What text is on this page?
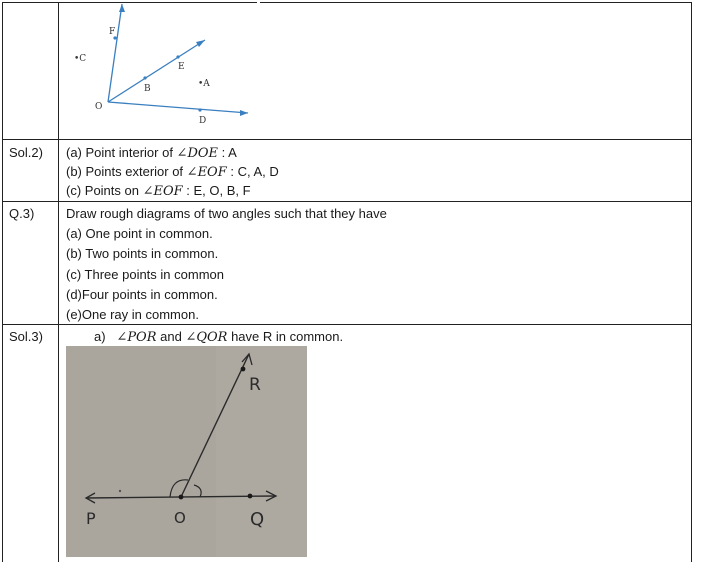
F
•C
E
B	•A
O
D
Sol.2) (a) Point interior of ∠DOE : A
(b) Points exterior of ∠EOF : C, A, D
(c) Points on ∠EOF : E, O, B, F
Q.3) Draw rough diagrams of two angles such that they have
(a) One point in common.
(b) Two points in common.
(c) Three points in common
(d)Four points in common.
(e)One ray in common.
Sol.3)	a) ∠POR and ∠QOR have R in common.
R
P	O	Q
